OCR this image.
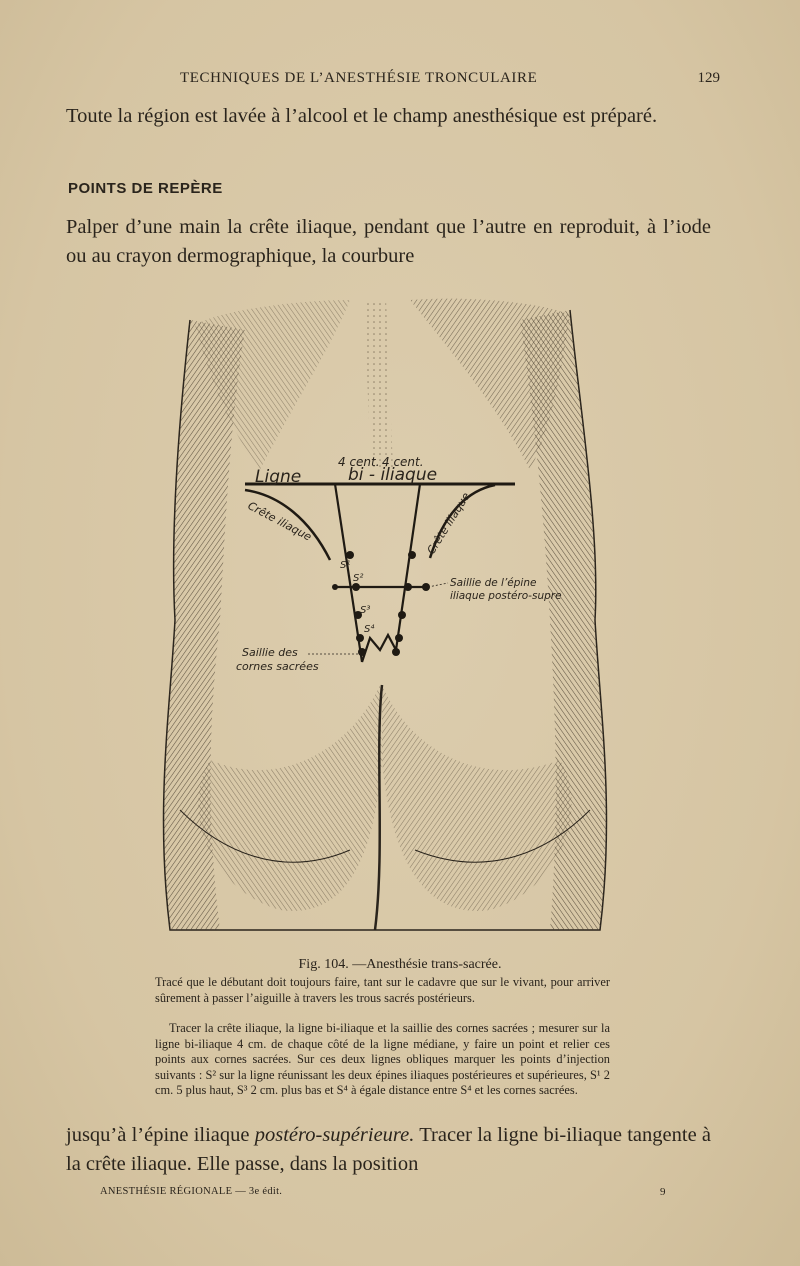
TECHNIQUES DE L’ANESTHÉSIE TRONCULAIRE	129
Toute la région est lavée à l’alcool et le champ anesthésique est préparé.
POINTS DE REPÈRE
Palper d’une main la crête iliaque, pendant que l’autre en reproduit, à l’iode ou au crayon dermographique, la courbure
Ligne	bi - iliaque
4 cent. 4 cent.
Crête iliaque	Crête iliaque
S¹
S²
S³
S⁴
Saillie de l’épine
iliaque postéro-supre
Saillie des
cornes sacrées
Fig. 104. —Anesthésie trans-sacrée.
Tracé que le débutant doit toujours faire, tant sur le cadavre que sur le vivant, pour arriver sûrement à passer l’aiguille à travers les trous sacrés postérieurs.
Tracer la crête iliaque, la ligne bi-iliaque et la saillie des cornes sacrées ; mesurer sur la ligne bi-iliaque 4 cm. de chaque côté de la ligne médiane, y faire un point et relier ces points aux cornes sacrées. Sur ces deux lignes obliques marquer les points d’injection suivants : S² sur la ligne réunissant les deux épines iliaques postérieures et supérieures, S¹ 2 cm. 5 plus haut, S³ 2 cm. plus bas et S⁴ à égale distance entre S⁴ et les cornes sacrées.
jusqu’à l’épine iliaque postéro-supérieure. Tracer la ligne bi-iliaque tangente à la crête iliaque. Elle passe, dans la position
ANESTHÉSIE RÉGIONALE — 3e édit.	9
